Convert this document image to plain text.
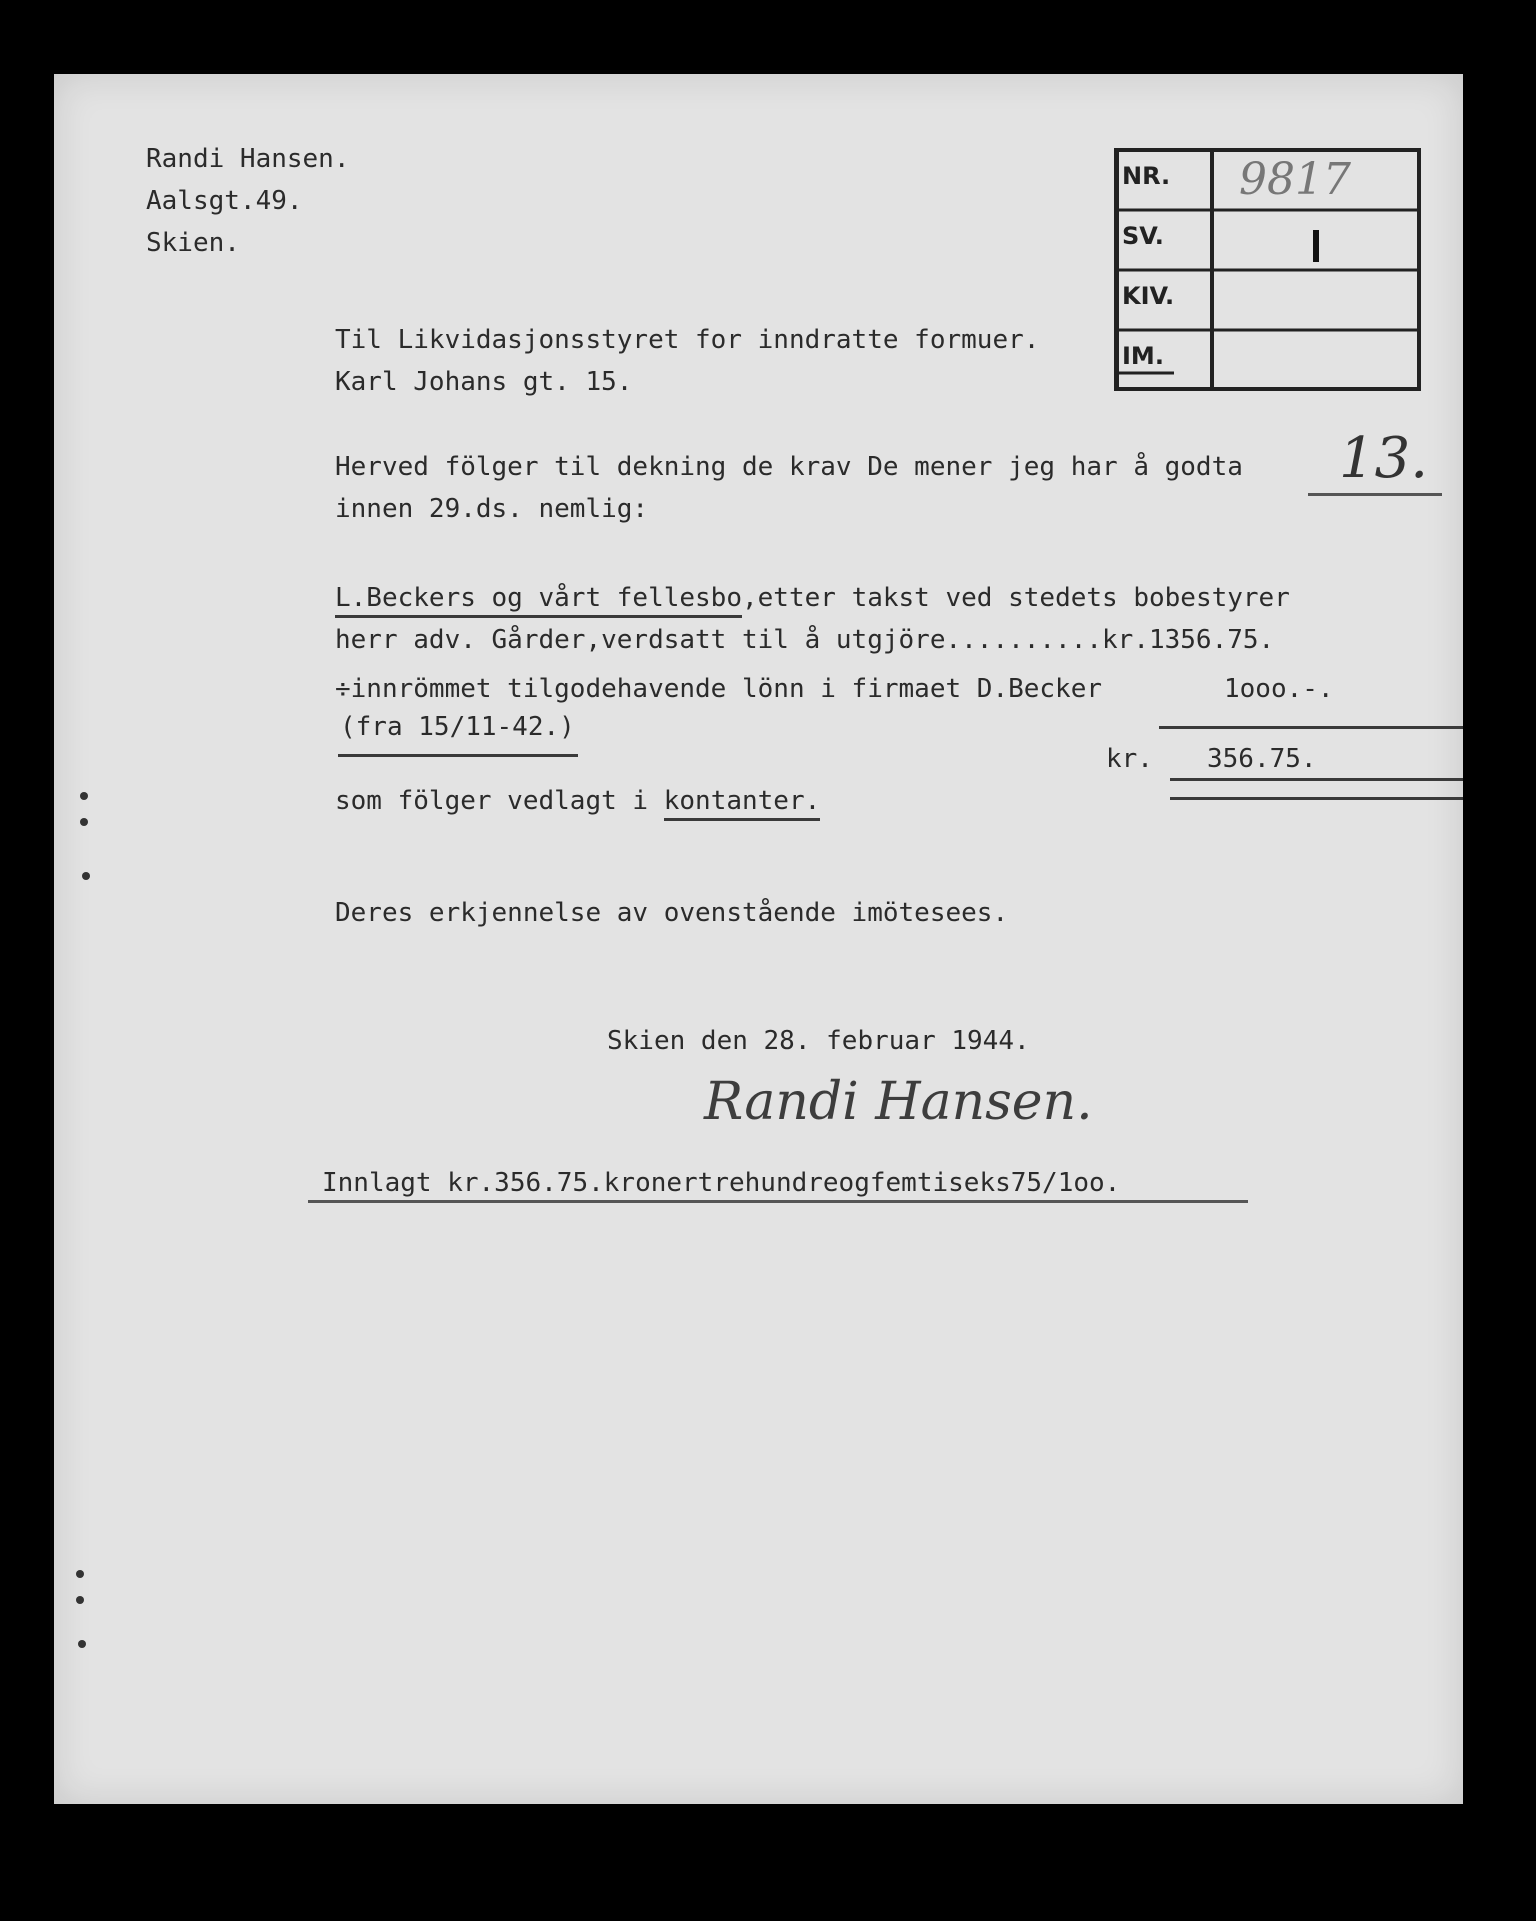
Randi Hansen.
Aalsgt.49.
Skien.
NR. 9817
SV.
KIV.
IM.
Til Likvidasjonsstyret for inndratte formuer.
Karl Johans gt. 15.
Herved fölger til dekning de krav De mener jeg har å godta
innen 29.ds. nemlig:
13.
L.Beckers og vårt fellesbo,etter takst ved stedets bobestyrer
herr adv. Gårder,verdsatt til å utgjöre..........kr.1356.75.
÷innrömmet tilgodehavende lönn i firmaet D.Becker	1ooo.-.
(fra 15/11-42.)
kr. 356.75.
som fölger vedlagt i kontanter.
Deres erkjennelse av ovenstående imötesees.
Skien den 28. februar 1944.
Randi Hansen.
Innlagt kr.356.75.kronertrehundreogfemtiseks75/1oo.
